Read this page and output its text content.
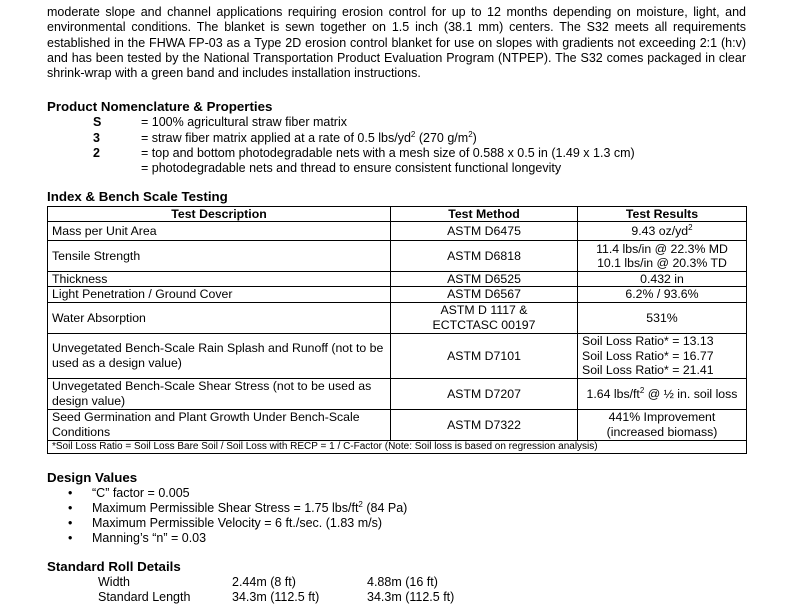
moderate slope and channel applications requiring erosion control for up to 12 months depending on moisture, light, and environmental conditions. The blanket is sewn together on 1.5 inch (38.1 mm) centers. The S32 meets all requirements established in the FHWA FP-03 as a Type 2D erosion control blanket for use on slopes with gradients not exceeding 2:1 (h:v) and has been tested by the National Transportation Product Evaluation Program (NTPEP). The S32 comes packaged in clear shrink-wrap with a green band and includes installation instructions.

Product Nomenclature & Properties
S	= 100% agricultural straw fiber matrix
3	= straw fiber matrix applied at a rate of 0.5 lbs/$yd^2$ (270 $g/m^2$)
2	= top and bottom photodegradable nets with a mesh size of 0.588 x 0.5 in (1.49 x 1.3 cm)
= photodegradable nets and thread to ensure consistent functional longevity
Index & Bench Scale Testing
Test Description	Test Method	Test Results
Mass per Unit Area	ASTM D6475	9.43 $oz/yd^2$
Tensile Strength	ASTM D6818	11.4 lbs/in @ 22.3% MD
10.1 lbs/in @ 20.3% TD

Thickness	ASTM D6525	0.432 in
Light Penetration / Ground Cover	ASTM D6567	6.2% / 93.6%
Water Absorption	ASTM D 1117 &
ECTCTASC 00197	531%
Unvegetated Bench-Scale Rain Splash and Runoff (not to be used as a design value)	ASTM D7101	Soil Loss Ratio* = 13.13
Soil Loss Ratio* = 16.77
Soil Loss Ratio* = 21.41

Unvegetated Bench-Scale Shear Stress (not to be used as design value)	ASTM D7207	1.64 lbs/$ft^2$ @ ½ in. soil loss
Seed Germination and Plant Growth Under Bench-Scale Conditions	ASTM D7322	441% Improvement
(increased biomass)

*Soil Loss Ratio = Soil Loss Bare Soil / Soil Loss with RECP = 1 / C-Factor (Note: Soil loss is based on regression analysis)		
Design Values
• “C” factor = 0.005
• Maximum Permissible Shear Stress = 1.75 lbs/$ft^2$ (84 Pa)
• Maximum Permissible Velocity = 6 ft./sec. (1.83 m/s)
• Manning’s “n” = 0.03
Standard Roll Details
Width	2.44m (8 ft)	4.88m (16 ft)
Standard Length	34.3m (112.5 ft)	34.3m (112.5 ft)
